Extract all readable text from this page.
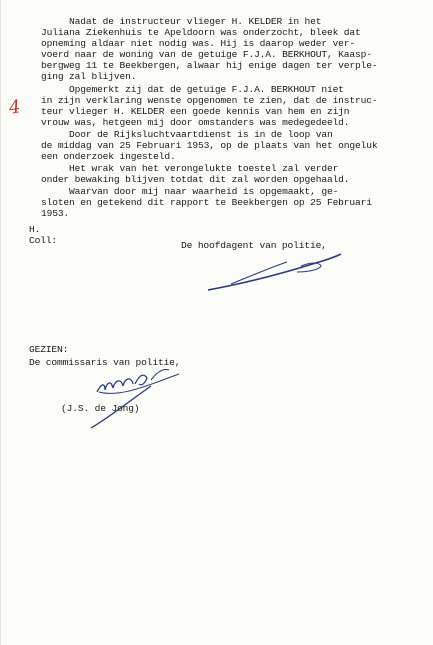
Nadat de instructeur vlieger H. KELDER in het
Juliana Ziekenhuis te Apeldoorn was onderzocht, bleek dat
opneming aldaar niet nodig was. Hij is daarop weder ver-
voerd naar de woning van de getuige F.J.A. BERKHOUT, Kaasp-
bergweg 11 te Beekbergen, alwaar hij enige dagen ter verple-
ging zal blijven.
Opgemerkt zij dat de getuige F.J.A. BERKHOUT niet
in zijn verklaring wenste opgenomen te zien, dat de instruc-
teur vlieger H. KELDER een goede kennis van hem en zijn
vrouw was, hetgeen mij door omstanders was medegedeeld.
Door de Rijksluchtvaartdienst is in de loop van
de middag van 25 Februari 1953, op de plaats van het ongeluk
een onderzoek ingesteld.
Het wrak van het verongelukte toestel zal verder
onder bewaking blijven totdat dit zal worden opgehaald.
Waarvan door mij naar waarheid is opgemaakt, ge-
sloten en getekend dit rapport te Beekbergen op 25 Februari
1953.
H.
Coll:	De hoofdagent van politie,
4
GEZIEN:
De commissaris van politie,
(J.S. de Jong)
